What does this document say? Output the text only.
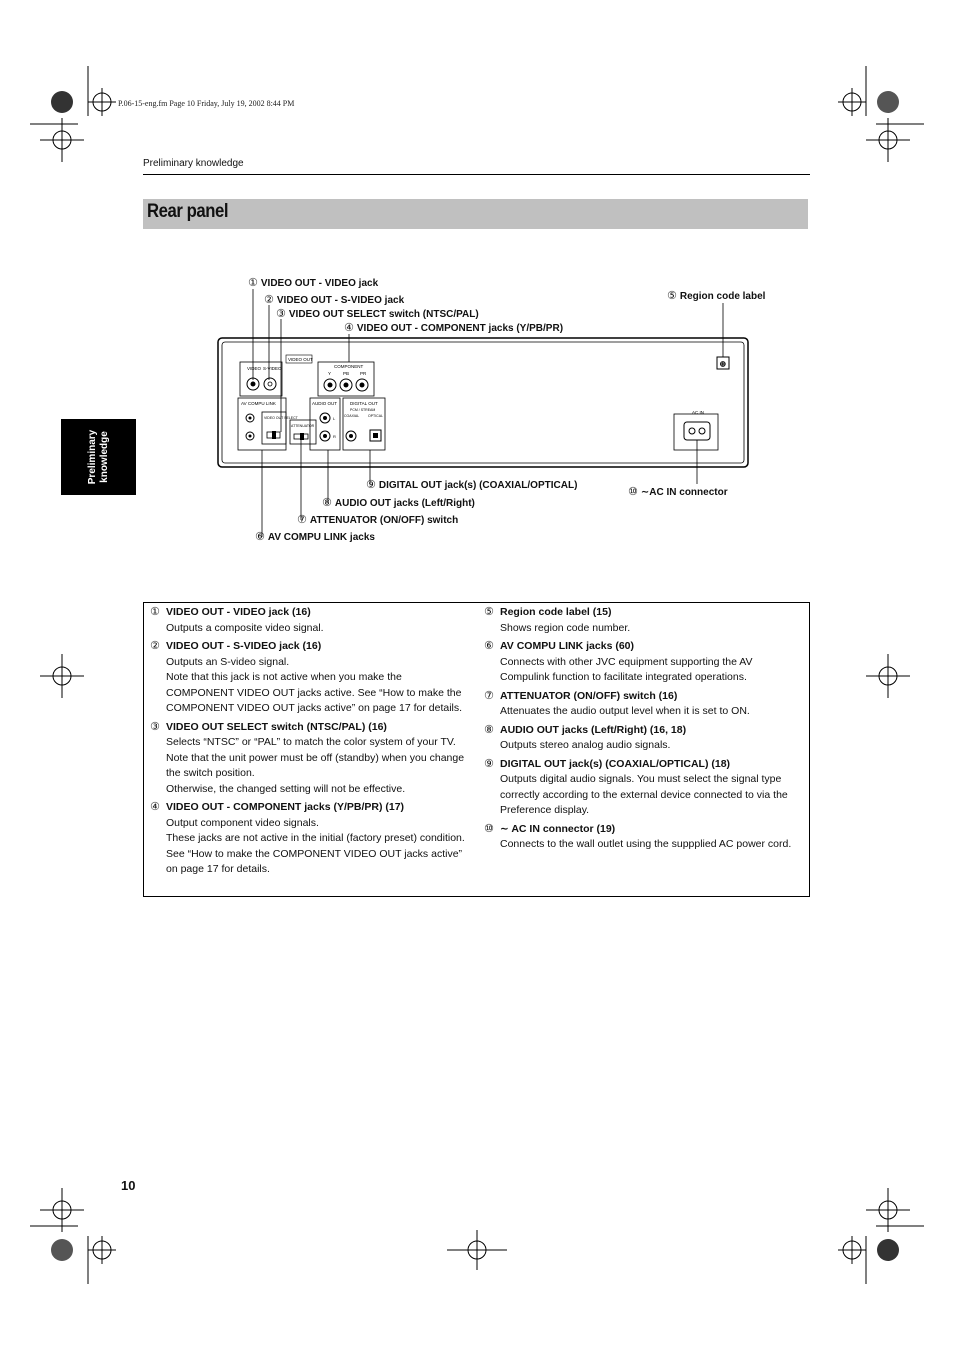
P.06-15-eng.fm Page 10 Friday, July 19, 2002 8:44 PM
Preliminary knowledge
Rear panel
Preliminary knowledge
VIDEO OUT
VIDEO S-VIDEO	COMPONENT
Y	PB PR
AV COMPU LINK
VIDEO OUT SELECT
AUDIO OUT
L
R
ATTENUATOR
DIGITAL OUT
PCM / STREAM
COAXIAL	OPTICAL
⊕
AC IN
① VIDEO OUT - VIDEO jack
② VIDEO OUT - S-VIDEO jack
③ VIDEO OUT SELECT switch (NTSC/PAL)
④ VIDEO OUT - COMPONENT jacks (Y/PB/PR)
⑤ Region code label
⑥ AV COMPU LINK jacks
⑦ ATTENUATOR (ON/OFF) switch
⑧ AUDIO OUT jacks (Left/Right)
⑨ DIGITAL OUT jack(s) (COAXIAL/OPTICAL)
⑩ ∼AC IN connector
① VIDEO OUT - VIDEO jack (16)

Outputs a composite video signal.

② VIDEO OUT - S-VIDEO jack (16)

Outputs an S-video signal.

Note that this jack is not active when you make the COMPONENT VIDEO OUT jacks active. See “How to make the COMPONENT VIDEO OUT jacks active” on page 17 for details.

③ VIDEO OUT SELECT switch (NTSC/PAL) (16)

Selects “NTSC” or “PAL” to match the color system of your TV. Note that the unit power must be off (standby) when you change the switch position.

Otherwise, the changed setting will not be effective.

④ VIDEO OUT - COMPONENT jacks (Y/PB/PR) (17)

Output component video signals.

These jacks are not active in the initial (factory preset) condition. See “How to make the COMPONENT VIDEO OUT jacks active” on page 17 for details.

⑤ Region code label (15)

Shows region code number.

⑥ AV COMPU LINK jacks (60)

Connects with other JVC equipment supporting the AV Compulink function to facilitate integrated operations.

⑦ ATTENUATOR (ON/OFF) switch (16)

Attenuates the audio output level when it is set to ON.

⑧ AUDIO OUT jacks (Left/Right) (16, 18)

Outputs stereo analog audio signals.

⑨ DIGITAL OUT jack(s) (COAXIAL/OPTICAL) (18)

Outputs digital audio signals. You must select the signal type correctly according to the external device connected to via the Preference display.

⑩ ∼ AC IN connector (19)

Connects to the wall outlet using the suppplied AC power cord.

10
